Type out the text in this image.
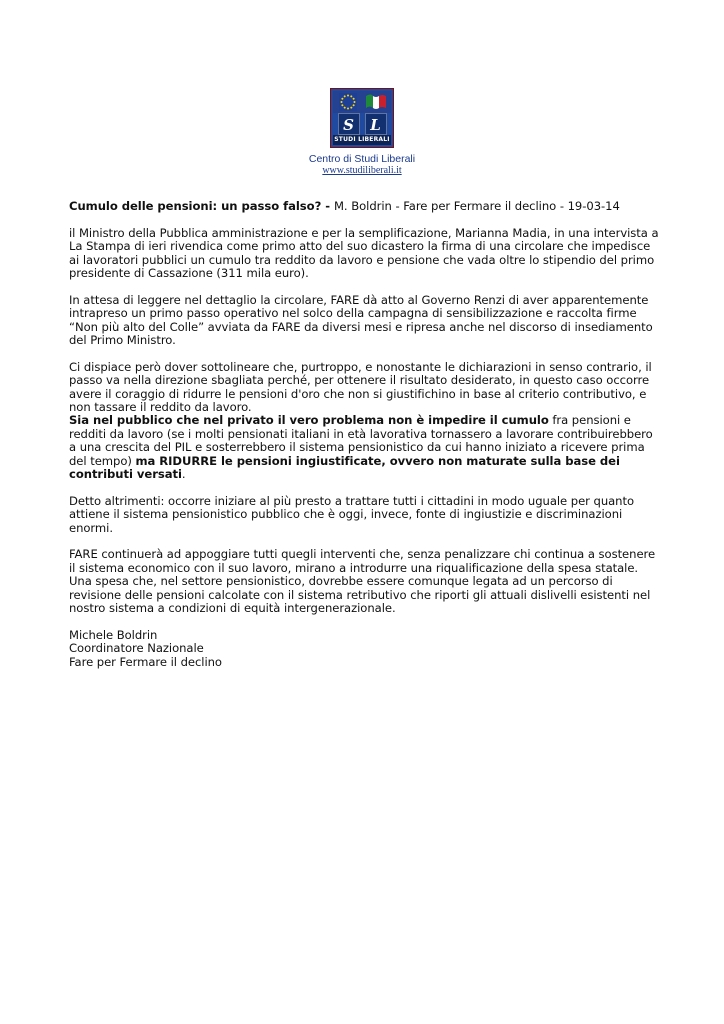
S	L
STUDI LIBERALI
Centro di Studi Liberali
www.studiliberali.it

Cumulo delle pensioni: un passo falso? - M. Boldrin - Fare per Fermare il declino - 19-03-14

il Ministro della Pubblica amministrazione e per la semplificazione, Marianna Madia, in una intervista a La Stampa di ieri rivendica come primo atto del suo dicastero la firma di una circolare che impedisce ai lavoratori pubblici un cumulo tra reddito da lavoro e pensione che vada oltre lo stipendio del primo presidente di Cassazione (311 mila euro).

In attesa di leggere nel dettaglio la circolare, FARE dà atto al Governo Renzi di aver apparentemente intrapreso un primo passo operativo nel solco della campagna di sensibilizzazione e raccolta firme “Non più alto del Colle” avviata da FARE da diversi mesi e ripresa anche nel discorso di insediamento del Primo Ministro.

Ci dispiace però dover sottolineare che, purtroppo, e nonostante le dichiarazioni in senso contrario, il passo va nella direzione sbagliata perché, per ottenere il risultato desiderato, in questo caso occorre avere il coraggio di ridurre le pensioni d'oro che non si giustifichino in base al criterio contributivo, e non tassare il reddito da lavoro.

Sia nel pubblico che nel privato il vero problema non è impedire il cumulo fra pensioni e redditi da lavoro (se i molti pensionati italiani in età lavorativa tornassero a lavorare contribuirebbero a una crescita del PIL e sosterrebbero il sistema pensionistico da cui hanno iniziato a ricevere prima del tempo) ma RIDURRE le pensioni ingiustificate, ovvero non maturate sulla base dei contributi versati.

Detto altrimenti: occorre iniziare al più presto a trattare tutti i cittadini in modo uguale per quanto attiene il sistema pensionistico pubblico che è oggi, invece, fonte di ingiustizie e discriminazioni enormi.

FARE continuerà ad appoggiare tutti quegli interventi che, senza penalizzare chi continua a sostenere il sistema economico con il suo lavoro, mirano a introdurre una riqualificazione della spesa statale. Una spesa che, nel settore pensionistico, dovrebbe essere comunque legata ad un percorso di revisione delle pensioni calcolate con il sistema retributivo che riporti gli attuali dislivelli esistenti nel nostro sistema a condizioni di equità intergenerazionale.

Michele Boldrin

Coordinatore Nazionale

Fare per Fermare il declino
